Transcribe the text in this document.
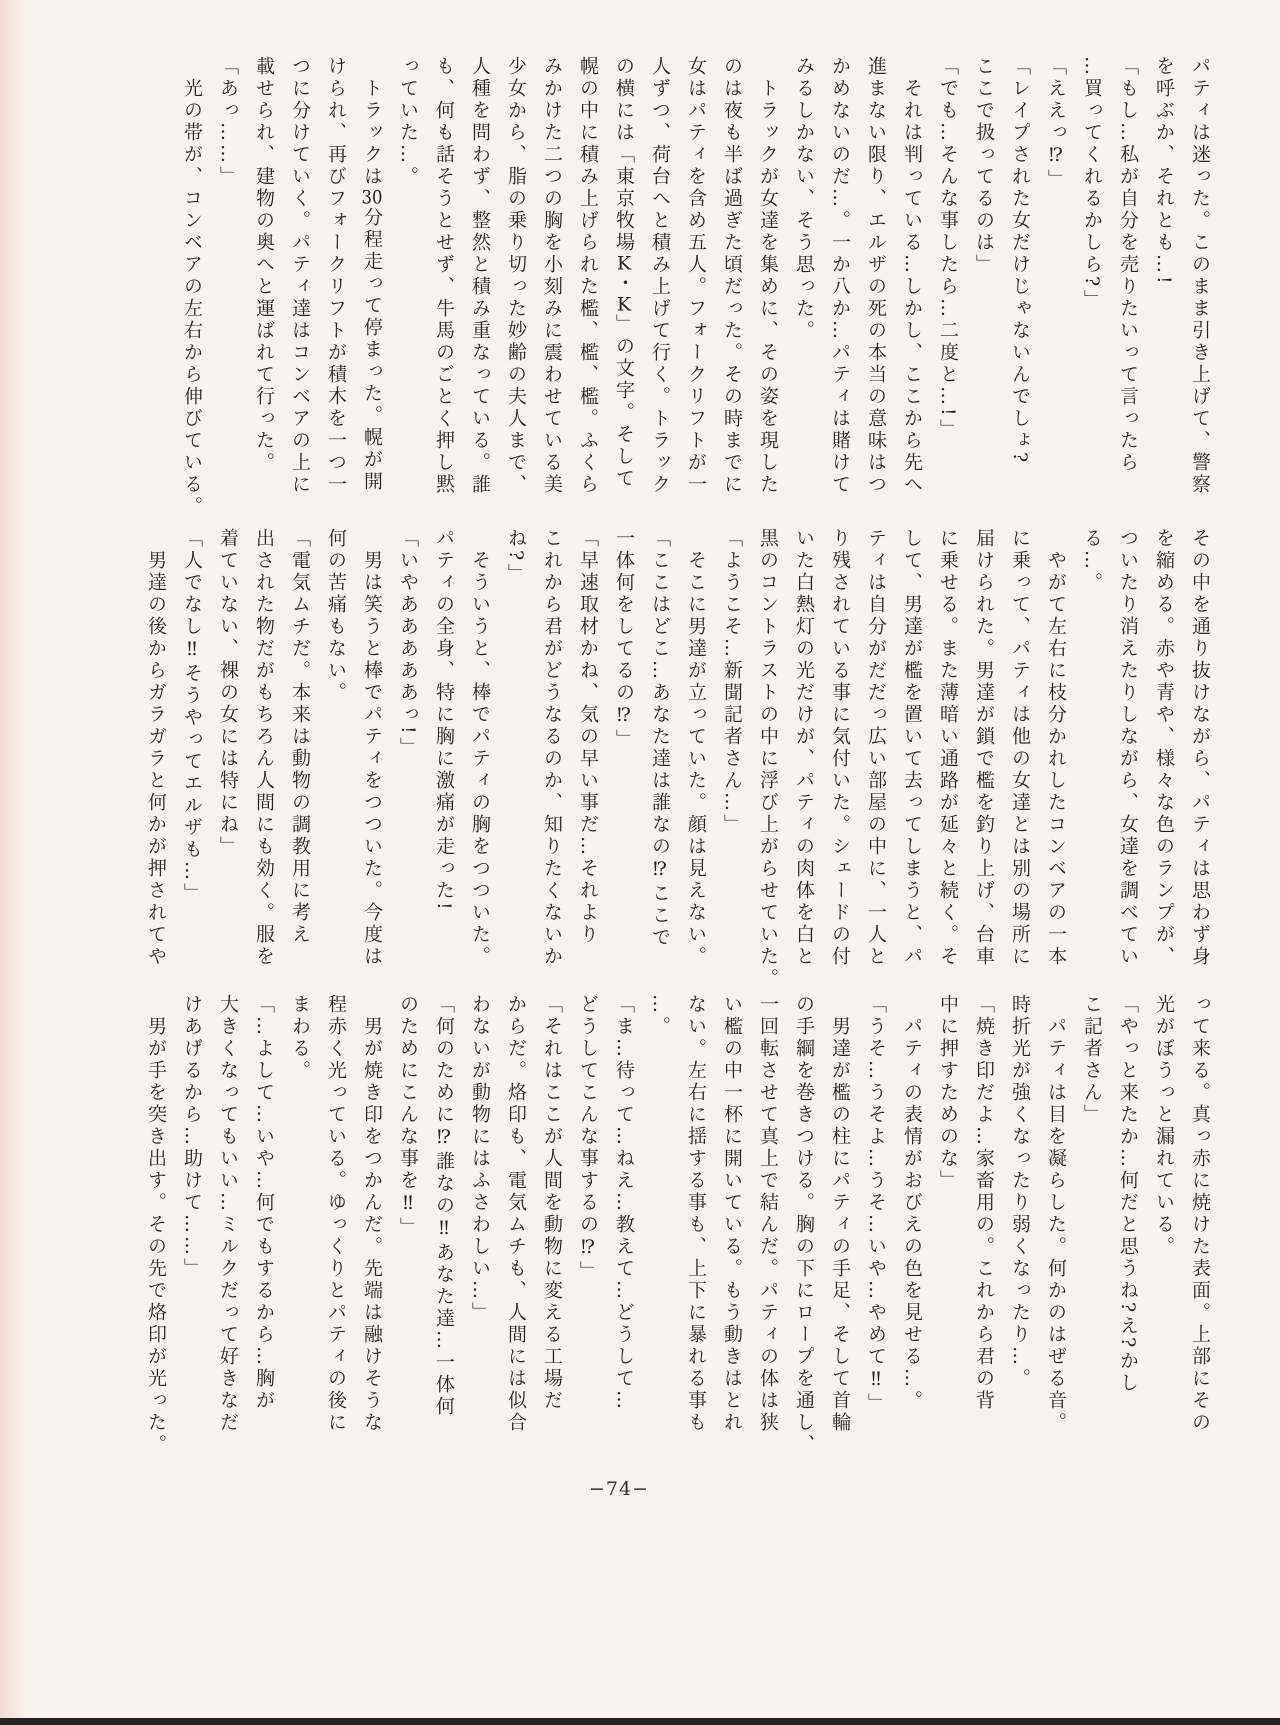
パティは迷った。このまま引き上げて、警察
を呼ぶか、それとも…!
「もし…私が自分を売りたいって言ったら
…買ってくれるかしら?」
「ええっ⁉」
「レイプされた女だけじゃないんでしょ?
ここで扱ってるのは」
「でも…そんな事したら…二度と…!」
　それは判っている…しかし、ここから先へ
進まない限り、エルザの死の本当の意味はつ
かめないのだ…。一か八か…パティは賭けて
みるしかない、そう思った。
　トラックが女達を集めに、その姿を現した
のは夜も半ば過ぎた頃だった。その時までに
女はパティを含め五人。フォークリフトが一
人ずつ、荷台へと積み上げて行く。トラック
の横には「東京牧場K・K」の文字。そして
幌の中に積み上げられた檻、檻、檻。ふくら
みかけた二つの胸を小刻みに震わせている美
少女から、脂の乗り切った妙齢の夫人まで、
人種を問わず、整然と積み重なっている。誰
も、何も話そうとせず、牛馬のごとく押し黙
っていた…。
　トラックは30分程走って停まった。幌が開
けられ、再びフォークリフトが積木を一つ一
つに分けていく。パティ達はコンベアの上に
載せられ、建物の奥へと運ばれて行った。
「あっ……」
　光の帯が、コンベアの左右から伸びている。
その中を通り抜けながら、パティは思わず身
を縮める。赤や青や、様々な色のランプが、
ついたり消えたりしながら、女達を調べてい
る…。
　やがて左右に枝分かれしたコンベアの一本
に乗って、パティは他の女達とは別の場所に
届けられた。男達が鎖で檻を釣り上げ、台車
に乗せる。また薄暗い通路が延々と続く。そ
して、男達が檻を置いて去ってしまうと、パ
ティは自分がだだっ広い部屋の中に、一人と
り残されている事に気付いた。シェードの付
いた白熱灯の光だけが、パティの肉体を白と
黒のコントラストの中に浮び上がらせていた。
「ようこそ…新聞記者さん…」
　そこに男達が立っていた。顔は見えない。
「ここはどこ…あなた達は誰なの⁉ここで
一体何をしてるの⁉」
「早速取材かね、気の早い事だ…それより
これから君がどうなるのか、知りたくないか
ね?」
　そういうと、棒でパティの胸をつついた。
パティの全身、特に胸に激痛が走った!
「いやあああああっ!」
　男は笑うと棒でパティをつついた。今度は
何の苦痛もない。
「電気ムチだ。本来は動物の調教用に考え
出された物だがもちろん人間にも効く。服を
着ていない、裸の女には特にね」
「人でなし‼そうやってエルザも…」
　男達の後からガラガラと何かが押されてや
って来る。真っ赤に焼けた表面。上部にその
光がぼうっと漏れている。
「やっと来たか…何だと思うね?え?かし
こ記者さん」
　パティは目を凝らした。何かのはぜる音。
時折光が強くなったり弱くなったり…。
「焼き印だよ…家畜用の。これから君の背
中に押すためのな」
　パティの表情がおびえの色を見せる…。
「うそ…うそよ…うそ…いや…やめて‼」
　男達が檻の柱にパティの手足、そして首輪
の手綱を巻きつける。胸の下にロープを通し、
一回転させて真上で結んだ。パティの体は狭
い檻の中一杯に開いている。もう動きはとれ
ない。左右に揺する事も、上下に暴れる事も
…。
「ま…待って…ねえ…教えて…どうして…
どうしてこんな事するの⁉」
「それはここが人間を動物に変える工場だ
からだ。烙印も、電気ムチも、人間には似合
わないが動物にはふさわしい…」
「何のために⁉誰なの‼あなた達…一体何
のためにこんな事を‼」
　男が焼き印をつかんだ。先端は融けそうな
程赤く光っている。ゆっくりとパティの後に
まわる。
「…よして…いや…何でもするから…胸が
大きくなってもいい…ミルクだって好きなだ
けあげるから…助けて……」
　男が手を突き出す。その先で烙印が光った。
−74−
